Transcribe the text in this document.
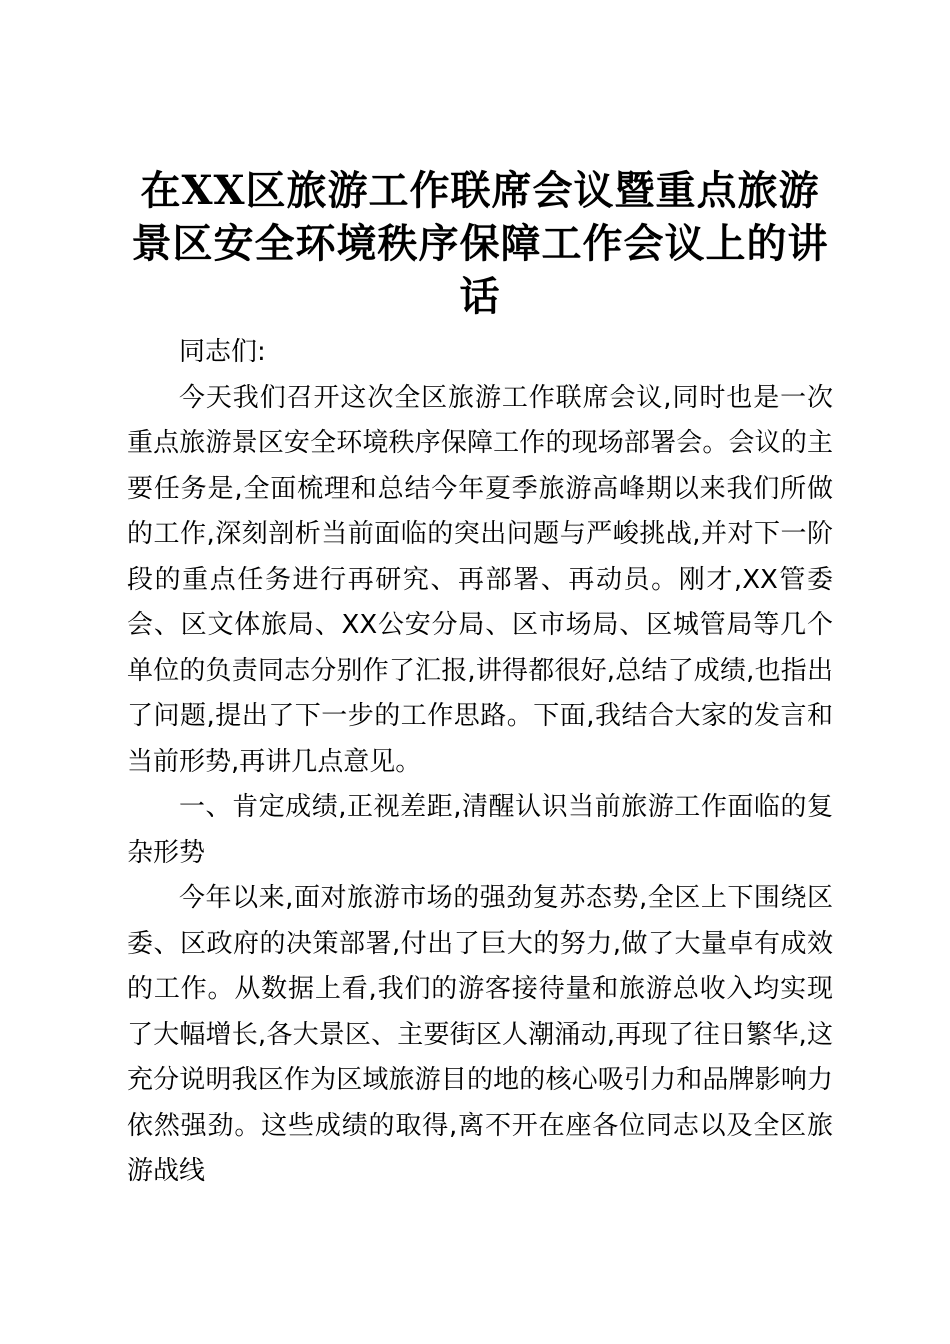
在XX区旅游工作联席会议暨重点旅游景区安全环境秩序保障工作会议上的讲话

同志们:

今天我们召开这次全区旅游工作联席会议,同时也是一次重点旅游景区安全环境秩序保障工作的现场部署会。会议的主要任务是,全面梳理和总结今年夏季旅游高峰期以来我们所做的工作,深刻剖析当前面临的突出问题与严峻挑战,并对下一阶段的重点任务进行再研究、再部署、再动员。刚才,XX管委会、区文体旅局、XX公安分局、区市场局、区城管局等几个单位的负责同志分别作了汇报,讲得都很好,总结了成绩,也指出了问题,提出了下一步的工作思路。下面,我结合大家的发言和当前形势,再讲几点意见。

一、肯定成绩,正视差距,清醒认识当前旅游工作面临的复杂形势

今年以来,面对旅游市场的强劲复苏态势,全区上下围绕区委、区政府的决策部署,付出了巨大的努力,做了大量卓有成效的工作。从数据上看,我们的游客接待量和旅游总收入均实现了大幅增长,各大景区、主要街区人潮涌动,再现了往日繁华,这充分说明我区作为区域旅游目的地的核心吸引力和品牌影响力依然强劲。这些成绩的取得,离不开在座各位同志以及全区旅游战线
